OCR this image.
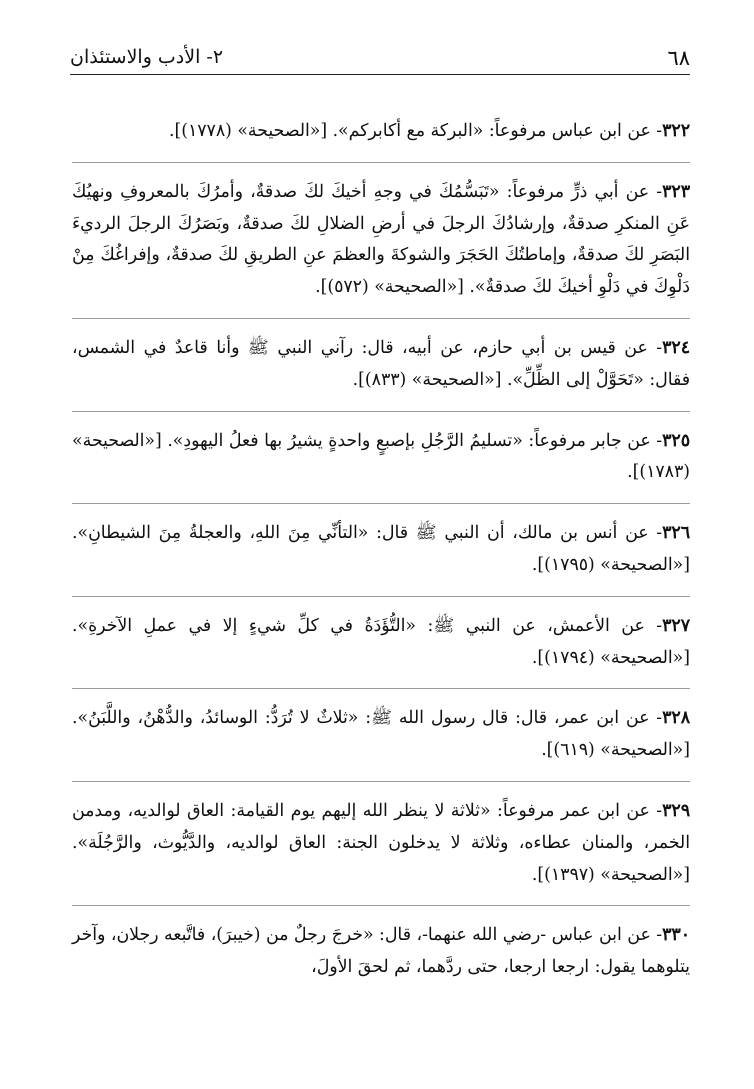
٦٨
٢- الأدب والاستئذان

٣٢٢- عن ابن عباس مرفوعاً: «البركة مع أكابركم». [«الصحيحة» (١٧٧٨)].

٣٢٣- عن أبي ذرٍّ مرفوعاً: «تَبَسُّمُكَ في وجهِ أخيكَ لكَ صدقةٌ، وأمرُكَ بالمعروفِ ونهيُكَ عَنِ المنكرِ صدقةٌ، وإرشادُكَ الرجلَ في أرضِ الضلالِ لكَ صدقةٌ، وبَصَرُكَ الرجلَ الرديءَ البَصَرِ لكَ صدقةٌ، وإماطتُكَ الحَجَرَ والشوكةَ والعظمَ عنِ الطريقِ لكَ صدقةٌ، وإفراغُكَ مِنْ دَلْوِكَ في دَلْوِ أخيكَ لكَ صدقةٌ». [«الصحيحة» (٥٧٢)].

٣٢٤- عن قيس بن أبي حازم، عن أبيه، قال: رآني النبي ﷺ وأنا قاعدٌ في الشمس، فقال: «تَحَوَّلْ إلى الظِّلِّ». [«الصحيحة» (٨٣٣)].

٣٢٥- عن جابر مرفوعاً: «تسليمُ الرَّجُلِ بإصبعٍ واحدةٍ يشيرُ بها فعلُ اليهودِ». [«الصحيحة» (١٧٨٣)].

٣٢٦- عن أنس بن مالك، أن النبي ﷺ قال: «التأنِّي مِنَ اللهِ، والعجلةُ مِنَ الشيطانِ». [«الصحيحة» (١٧٩٥)].

٣٢٧- عن الأعمش، عن النبي ﷺ: «التُّؤَدَةُ في كلِّ شيءٍ إلا في عملِ الآخرةِ». [«الصحيحة» (١٧٩٤)].

٣٢٨- عن ابن عمر، قال: قال رسول الله ﷺ: «ثلاثٌ لا تُرَدُّ: الوسائدُ، والدُّهْنُ، واللَّبَنُ». [«الصحيحة» (٦١٩)].

٣٢٩- عن ابن عمر مرفوعاً: «ثلاثة لا ينظر الله إليهم يوم القيامة: العاق لوالديه، ومدمن الخمر، والمنان عطاءه، وثلاثة لا يدخلون الجنة: العاق لوالديه، والدَّيُّوث، والرَّجُلَة». [«الصحيحة» (١٣٩٧)].

٣٣٠- عن ابن عباس -رضي الله عنهما-، قال: «خرجَ رجلٌ من (خيبرَ)، فاتَّبعه رجلان، وآخر يتلوهما يقول: ارجعا ارجعا، حتى ردَّهما، ثم لحقَ الأولَ،
